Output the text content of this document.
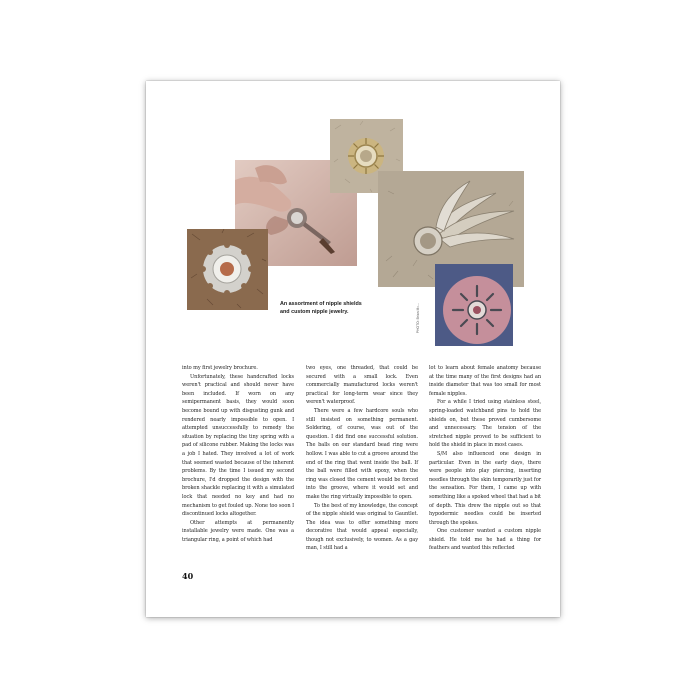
An assortment of nipple shields
and custom nipple jewelry.	PHOTO: Brian Mc...

into my first jewelry brochure.

Unfortunately, these handcrafted locks weren't practical and should never have been included. If worn on any semipermanent basis, they would soon become bound up with disgusting gunk and rendered nearly impossible to open. I attempted unsuccessfully to remedy the situation by replacing the tiny spring with a pad of silicone rubber. Making the locks was a job I hated. They involved a lot of work that seemed wasted because of the inherent problems. By the time I issued my second brochure, I'd dropped the design with the broken shackle replacing it with a simulated lock that needed no key and had no mechanism to get fouled up. None too soon I discontinued locks altogether.

Other attempts at permanently installable jewelry were made. One was a triangular ring, a point of which had

two eyes, one threaded, that could be secured with a small lock. Even commercially manufactured locks weren't practical for long-term wear since they weren't waterproof.

There were a few hardcore souls who still insisted on something permanent. Soldering, of course, was out of the question. I did find one successful solution. The balls on our standard bead ring were hollow. I was able to cut a groove around the end of the ring that went inside the ball. If the ball were filled with epoxy, when the ring was closed the cement would be forced into the groove, where it would set and make the ring virtually impossible to open.

To the best of my knowledge, the concept of the nipple shield was original to Gauntlet. The idea was to offer something more decorative that would appeal especially, though not exclusively, to women. As a gay man, I still had a

lot to learn about female anatomy because at the time many of the first designs had an inside diameter that was too small for most female nipples.

For a while I tried using stainless steel, spring-loaded watchband pins to hold the shields on, but these proved cumbersome and unnecessary. The tension of the stretched nipple proved to be sufficient to hold the shield in place in most cases.

S/M also influenced one design in particular. Even in the early days, there were people into play piercing, inserting needles through the skin temporarily just for the sensation. For them, I came up with something like a spoked wheel that had a bit of depth. This drew the nipple out so that hypodermic needles could be inserted through the spokes.

One customer wanted a custom nipple shield. He told me he had a thing for feathers and wanted this reflected

40
